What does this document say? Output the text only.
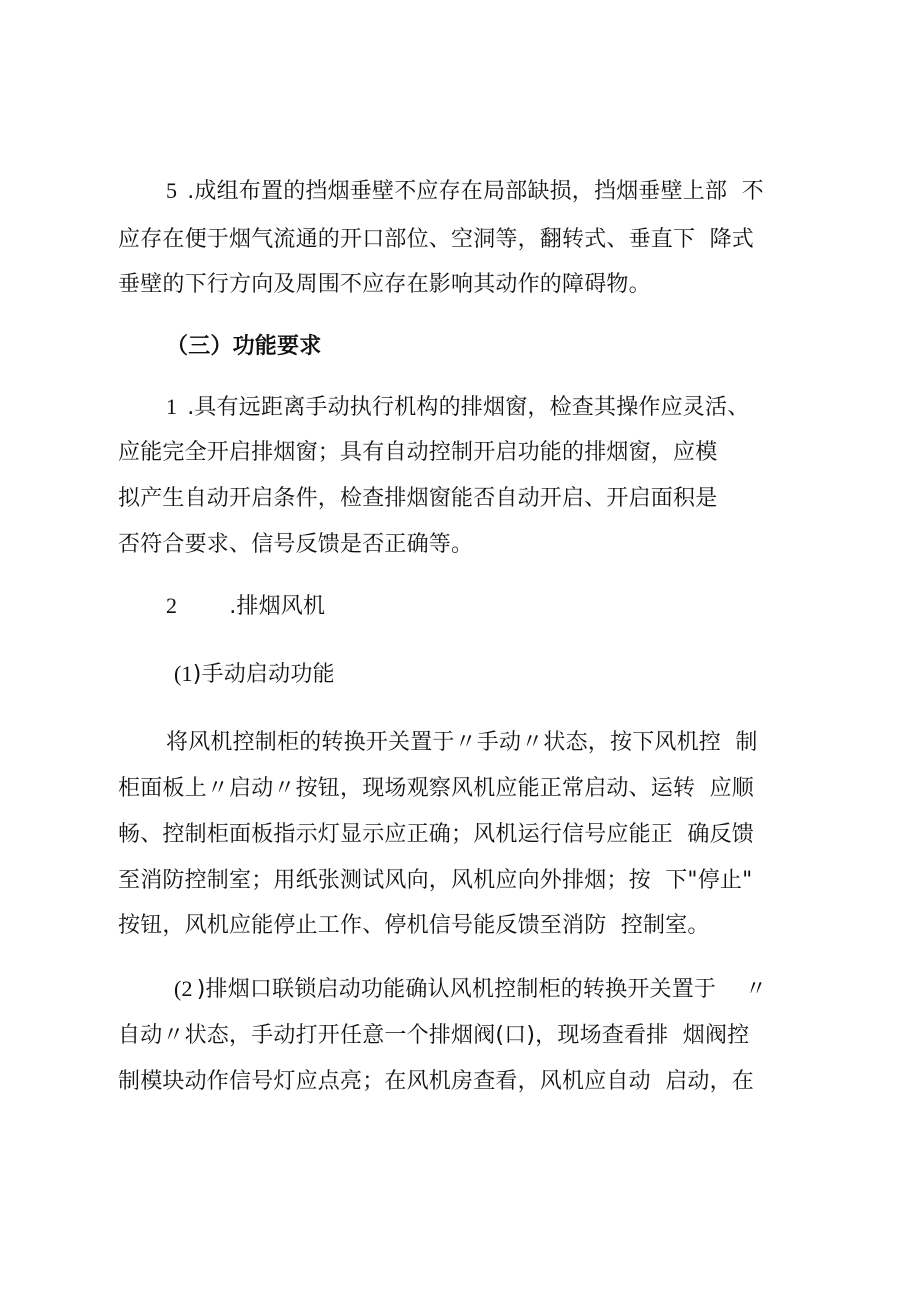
5 .成组布置的挡烟垂壁不应存在局部缺损，挡烟垂壁上部  不
应存在便于烟气流通的开口部位、空洞等，翻转式、垂直下  降式
垂壁的下行方向及周围不应存在影响其动作的障碍物。
（三）功能要求
1 .具有远距离手动执行机构的排烟窗，检查其操作应灵活、
应能完全开启排烟窗；具有自动控制开启功能的排烟窗，应模
拟产生自动开启条件，检查排烟窗能否自动开启、开启面积是
否符合要求、信号反馈是否正确等。
2 .排烟风机
(1)手动启动功能
将风机控制柜的转换开关置于〃手动〃状态，按下风机控  制
柜面板上〃启动〃按钮，现场观察风机应能正常启动、运转  应顺
畅、控制柜面板指示灯显示应正确；风机运行信号应能正  确反馈
至消防控制室；用纸张测试风向，风机应向外排烟；按  下"停止"
按钮，风机应能停止工作、停机信号能反馈至消防  控制室。
(2 )排烟口联锁启动功能确认风机控制柜的转换开关置于    〃
自动〃状态，手动打开任意一个排烟阀(口)，现场查看排  烟阀控
制模块动作信号灯应点亮；在风机房查看，风机应自动  启动，在
